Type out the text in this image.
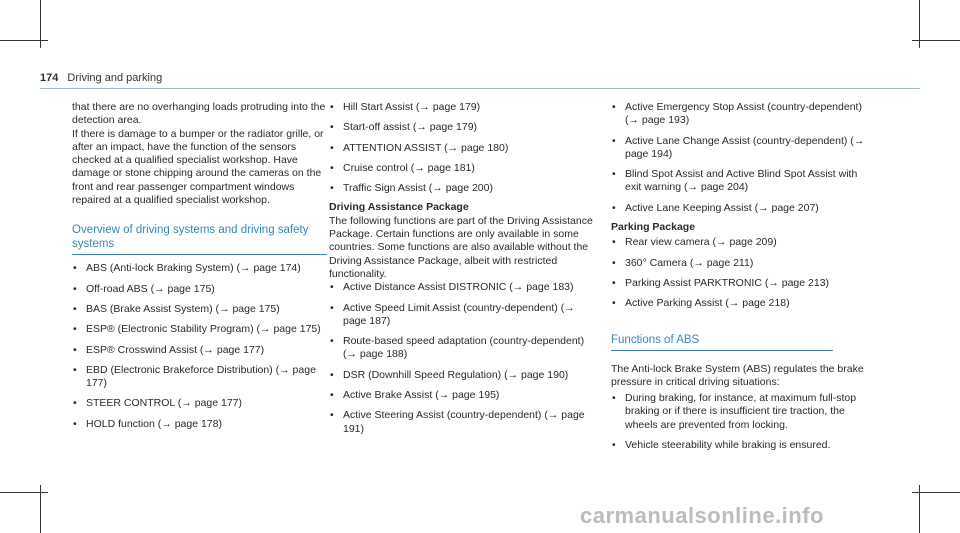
174 Driving and parking

that there are no overhanging loads protruding into the detection area.

If there is damage to a bumper or the radiator grille, or after an impact, have the function of the sensors checked at a qualified specialist workshop. Have damage or stone chipping around the cameras on the front and rear passenger compartment windows repaired at a qualified specialist workshop.

Overview of driving systems and driving safety systems
• ABS (Anti-lock Braking System) (→ page 174)
• Off-road ABS (→ page 175)
• BAS (Brake Assist System) (→ page 175)
• ESP® (Electronic Stability Program) (→ page 175)
• ESP® Crosswind Assist (→ page 177)
• EBD (Electronic Brakeforce Distribution) (→ page 177)
• STEER CONTROL (→ page 177)
• HOLD function (→ page 178)
• Hill Start Assist (→ page 179)
• Start-off assist (→ page 179)
• ATTENTION ASSIST (→ page 180)
• Cruise control (→ page 181)
• Traffic Sign Assist (→ page 200)
Driving Assistance Package

The following functions are part of the Driving Assistance Package. Certain functions are only available in some countries. Some functions are also available without the Driving Assistance Package, albeit with restricted functionality.

• Active Distance Assist DISTRONIC (→ page 183)
• Active Speed Limit Assist (country-dependent) (→ page 187)
• Route-based speed adaptation (country-dependent) (→ page 188)
• DSR (Downhill Speed Regulation) (→ page 190)
• Active Brake Assist (→ page 195)
• Active Steering Assist (country-dependent) (→ page 191)
• Active Emergency Stop Assist (country-dependent) (→ page 193)
• Active Lane Change Assist (country-dependent) (→ page 194)
• Blind Spot Assist and Active Blind Spot Assist with exit warning (→ page 204)
• Active Lane Keeping Assist (→ page 207)
Parking Package
• Rear view camera (→ page 209)
• 360° Camera (→ page 211)
• Parking Assist PARKTRONIC (→ page 213)
• Active Parking Assist (→ page 218)
Functions of ABS

The Anti-lock Brake System (ABS) regulates the brake pressure in critical driving situations:

• During braking, for instance, at maximum full-stop braking or if there is insufficient tire traction, the wheels are prevented from locking.
• Vehicle steerability while braking is ensured.
carmanualsonline.info
